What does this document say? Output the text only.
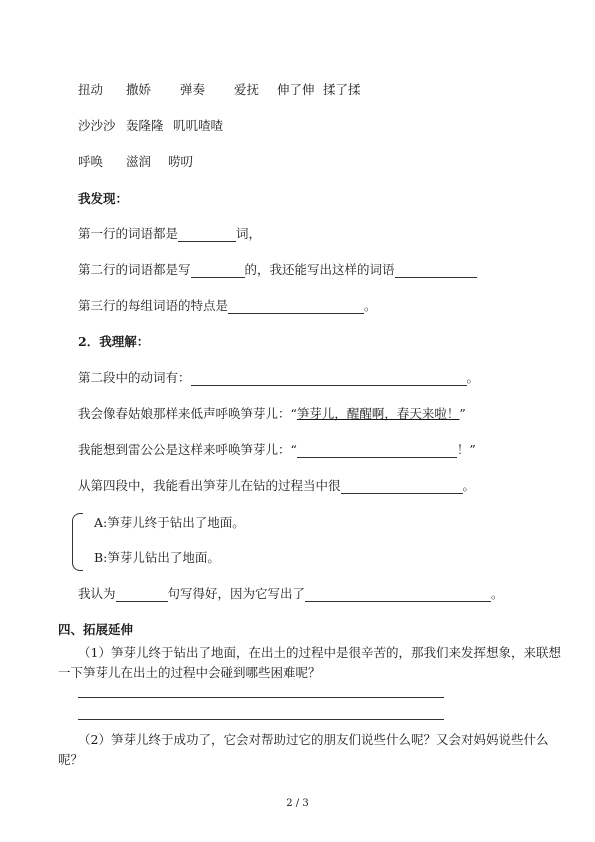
扭动 撒娇 弹奏 爱抚 伸了伸 揉了揉
沙沙沙 轰隆隆 叽叽喳喳
呼唤 滋润 唠叨
我发现：
第一行的词语都是	词，
第二行的词语都是写	的，我还能写出这样的词语
第三行的每组词语的特点是	。
2．我理解：
第二段中的动词有：	。
我会像春姑娘那样来低声呼唤笋芽儿：“笋芽儿，醒醒啊，春天来啦！”
我能想到雷公公是这样来呼唤笋芽儿：“	！”
从第四段中，我能看出笋芽儿在钻的过程当中很	。
A:笋芽儿终于钻出了地面。
B:笋芽儿钻出了地面。
我认为	句写得好，因为它写出了	。
四、拓展延伸
（1）笋芽儿终于钻出了地面，在出土的过程中是很辛苦的，那我们来发挥想象，来联想
一下笋芽儿在出土的过程中会碰到哪些困难呢？
（2）笋芽儿终于成功了，它会对帮助过它的朋友们说些什么呢？又会对妈妈说些什么
呢？
2 / 3
